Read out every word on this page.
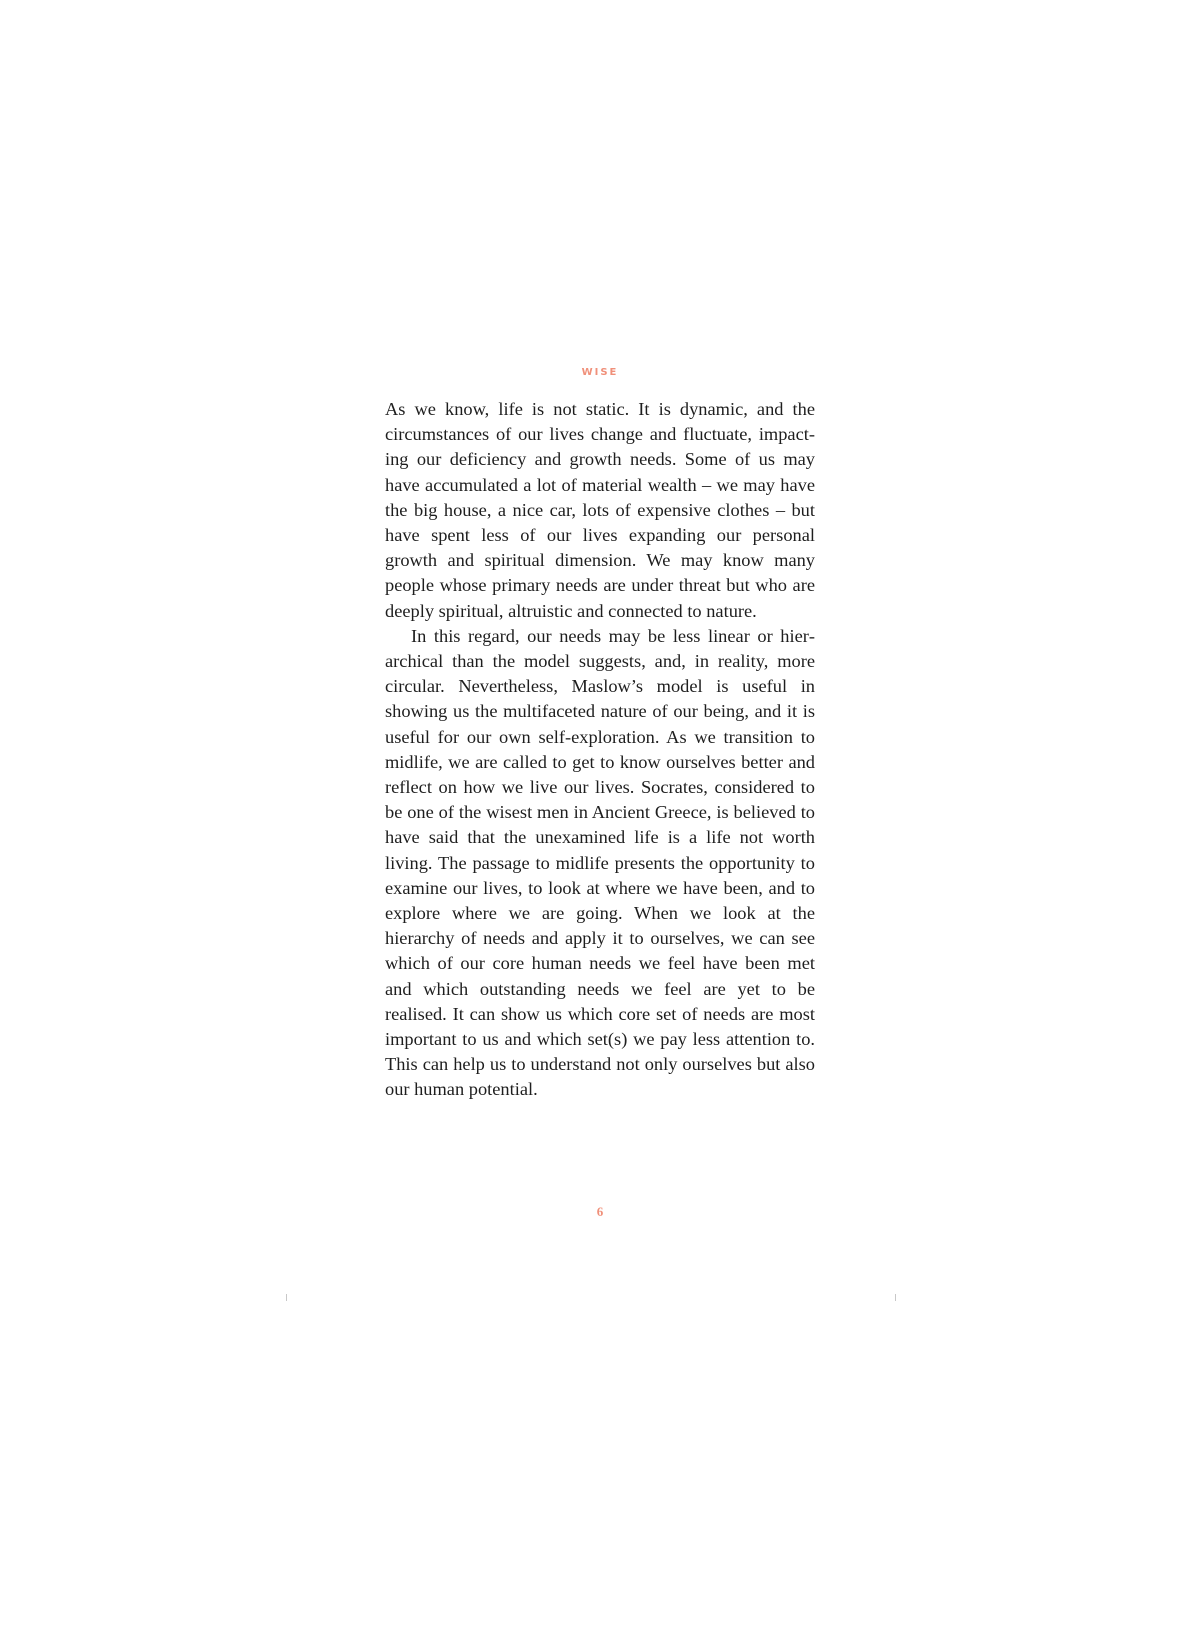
WISE

As we know, life is not static. It is dynamic, and the circumstances of our lives change and fluctuate, impacting our deficiency and growth needs. Some of us may have accumulated a lot of material wealth – we may have the big house, a nice car, lots of expensive clothes – but have spent less of our lives expanding our personal growth and spiritual dimension. We may know many people whose primary needs are under threat but who are deeply spiritual, altruistic and connected to nature.

In this regard, our needs may be less linear or hierarchical than the model suggests, and, in reality, more circular. Nevertheless, Maslow’s model is useful in showing us the multifaceted nature of our being, and it is useful for our own self-exploration. As we transition to midlife, we are called to get to know ourselves better and reflect on how we live our lives. Socrates, considered to be one of the wisest men in Ancient Greece, is believed to have said that the unexamined life is a life not worth living. The passage to midlife presents the opportunity to examine our lives, to look at where we have been, and to explore where we are going. When we look at the hierarchy of needs and apply it to ourselves, we can see which of our core human needs we feel have been met and which outstanding needs we feel are yet to be realised. It can show us which core set of needs are most important to us and which set(s) we pay less attention to. This can help us to understand not only ourselves but also our human potential.

6
